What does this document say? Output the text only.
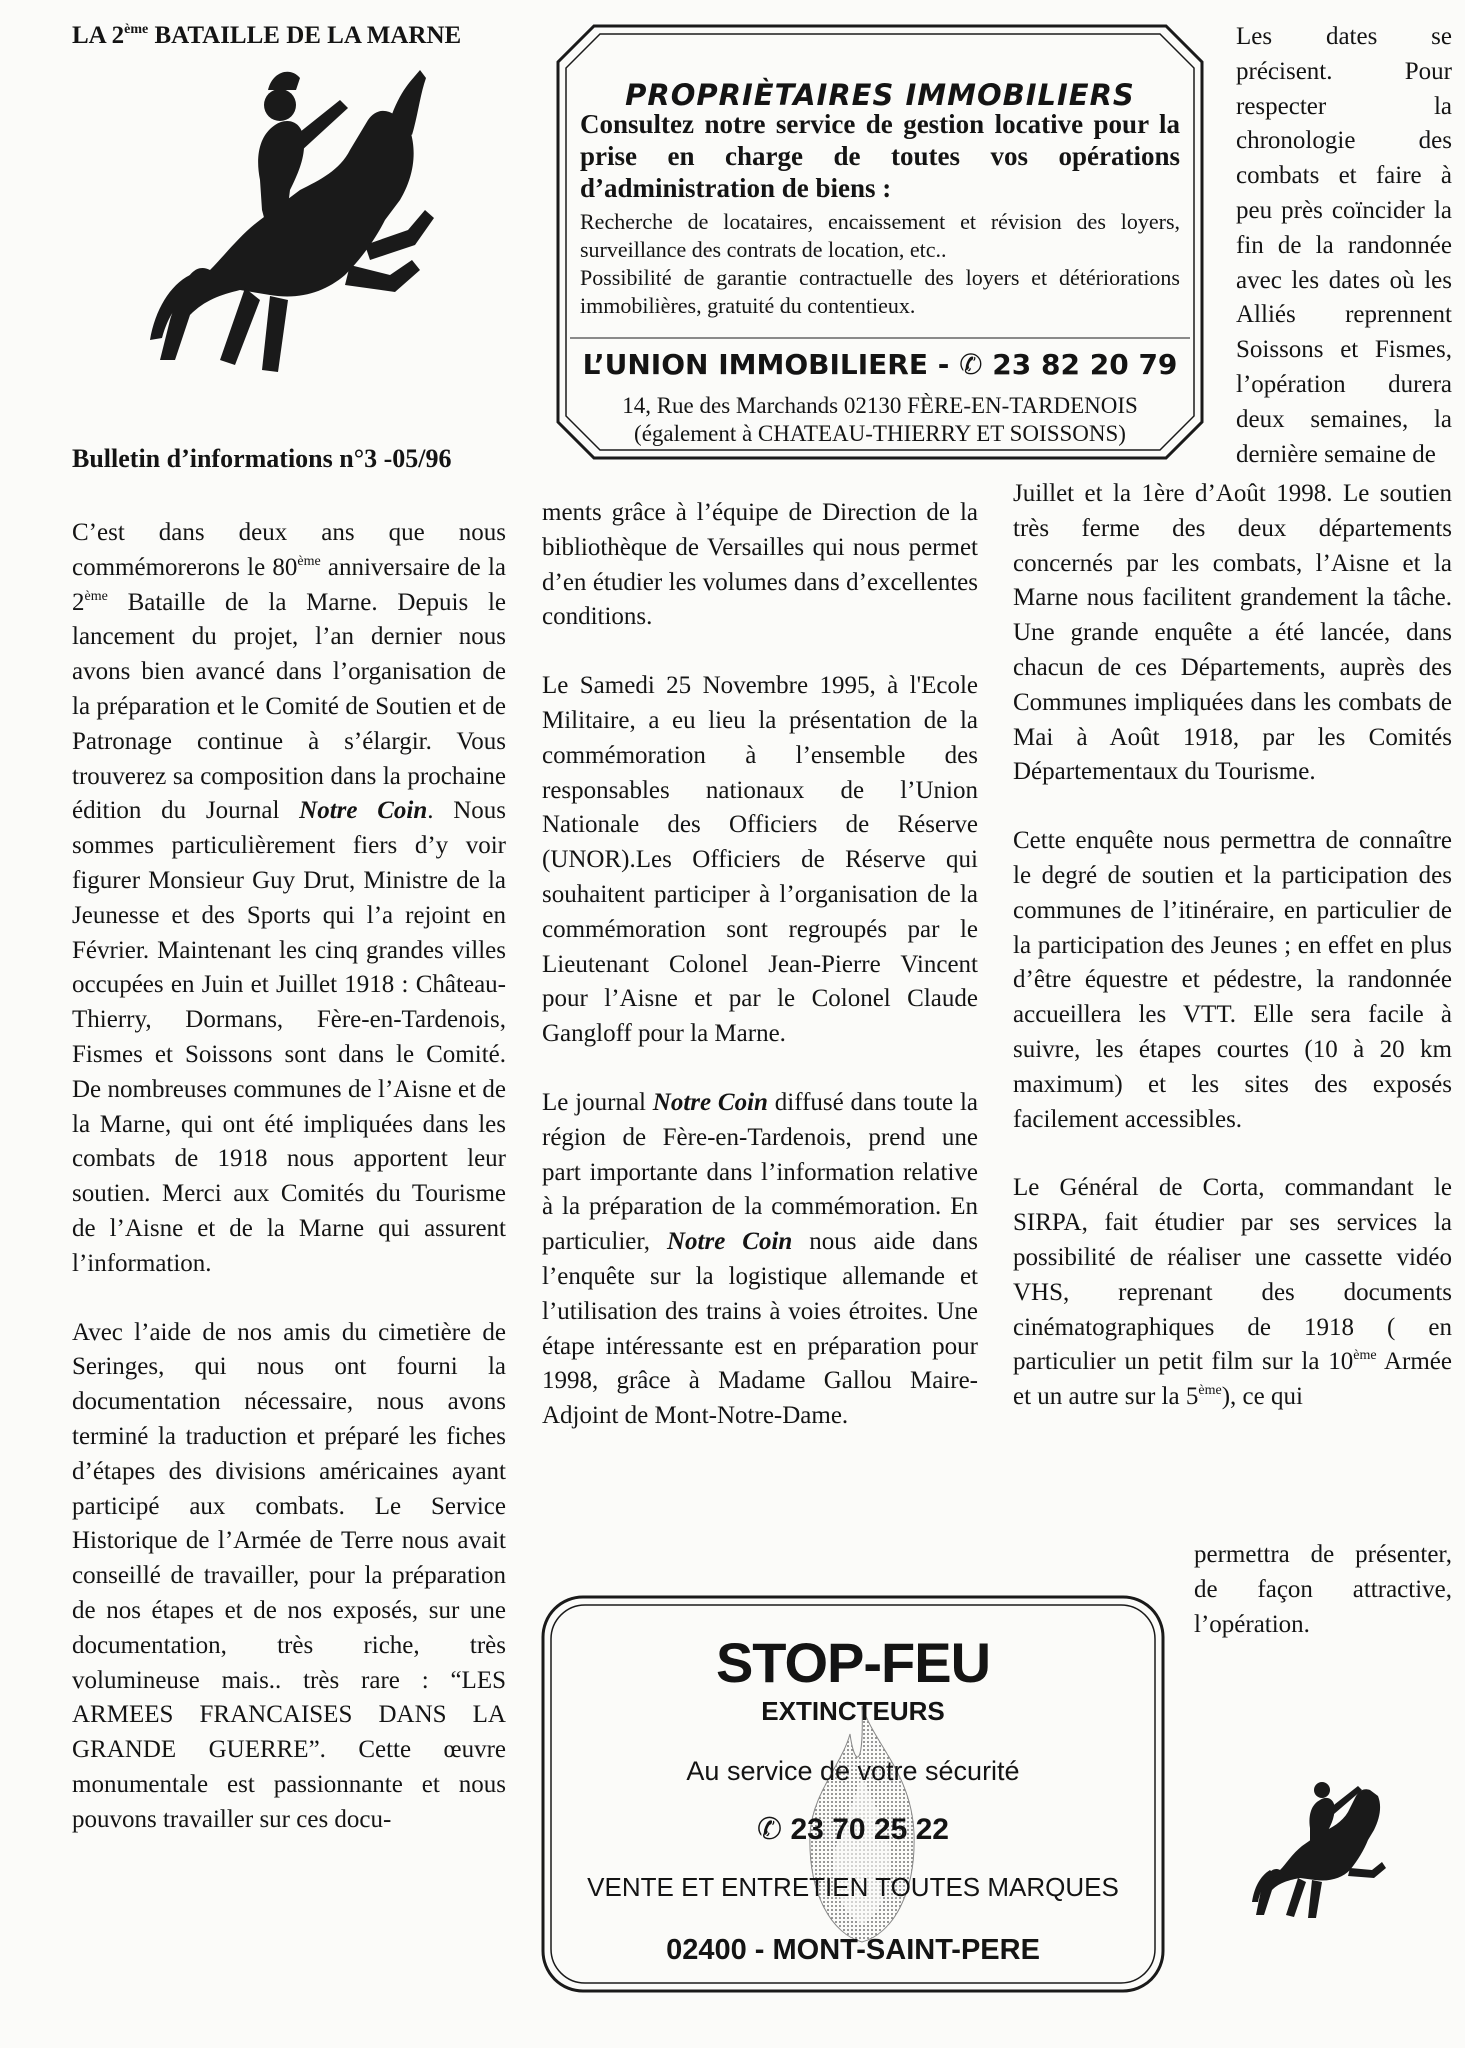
LA 2ème BATAILLE DE LA MARNE
Bulletin d’informations n°3 -05/96

C’est dans deux ans que nous commémorerons le 80ème anniversaire de la 2ème Bataille de la Marne. Depuis le lancement du projet, l’an dernier nous avons bien avancé dans l’organisation de la préparation et le Comité de Soutien et de Patronage continue à s’élargir. Vous trouverez sa composition dans la prochaine édition du Journal Notre Coin. Nous sommes particulièrement fiers d’y voir figurer Monsieur Guy Drut, Ministre de la Jeunesse et des Sports qui l’a rejoint en Février. Maintenant les cinq grandes villes occupées en Juin et Juillet 1918 : Château-Thierry, Dormans, Fère-en-Tardenois, Fismes et Soissons sont dans le Comité. De nombreuses communes de l’Aisne et de la Marne, qui ont été impliquées dans les combats de 1918 nous apportent leur soutien. Merci aux Comités du Tourisme de l’Aisne et de la Marne qui assurent l’information.

Avec l’aide de nos amis du cimetière de Seringes, qui nous ont fourni la documentation nécessaire, nous avons terminé la traduction et préparé les fiches d’étapes des divisions américaines ayant participé aux combats. Le Service Historique de l’Armée de Terre nous avait conseillé de travailler, pour la préparation de nos étapes et de nos exposés, sur une documentation, très riche, très volumineuse mais.. très rare : “LES ARMEES FRANCAISES DANS LA GRANDE GUERRE”. Cette œuvre monumentale est passionnante et nous pouvons travailler sur ces docu-

PROPRIÈTAIRES IMMOBILIERS
Consultez notre service de gestion locative pour la prise en charge de toutes vos opérations d’administration de biens :
Recherche de locataires, encaissement et révision des loyers, surveillance des contrats de location, etc..
Possibilité de garantie contractuelle des loyers et détériorations immobilières, gratuité du contentieux.
L’UNION IMMOBILIERE - ✆ 23 82 20 79
14, Rue des Marchands 02130 FÈRE-EN-TARDENOIS
(également à CHATEAU-THIERRY ET SOISSONS)

Les dates se précisent. Pour respecter la chronologie des combats et faire à peu près coïncider la fin de la randonnée avec les dates où les Alliés reprennent Soissons et Fismes, l’opération durera deux semaines, la dernière semaine de

ments grâce à l’équipe de Direction de la bibliothèque de Versailles qui nous permet d’en étudier les volumes dans d’excellentes conditions.

Le Samedi 25 Novembre 1995, à l'Ecole Militaire, a eu lieu la présentation de la commémoration à l’ensemble des responsables nationaux de l’Union Nationale des Officiers de Réserve (UNOR).Les Officiers de Réserve qui souhaitent participer à l’organisation de la commémoration sont regroupés par le Lieutenant Colonel Jean-Pierre Vincent pour l’Aisne et par le Colonel Claude Gangloff pour la Marne.

Le journal Notre Coin diffusé dans toute la région de Fère-en-Tardenois, prend une part importante dans l’information relative à la préparation de la commémoration. En particulier, Notre Coin nous aide dans l’enquête sur la logistique allemande et l’utilisation des trains à voies étroites. Une étape intéressante est en préparation pour 1998, grâce à Madame Gallou Maire-Adjoint de Mont-Notre-Dame.

Juillet et la 1ère d’Août 1998. Le soutien très ferme des deux départements concernés par les combats, l’Aisne et la Marne nous facilitent grandement la tâche. Une grande enquête a été lancée, dans chacun de ces Départements, auprès des Communes impliquées dans les combats de Mai à Août 1918, par les Comités Départementaux du Tourisme.

Cette enquête nous permettra de connaître le degré de soutien et la participation des communes de l’itinéraire, en particulier de la participation des Jeunes ; en effet en plus d’être équestre et pédestre, la randonnée accueillera les VTT. Elle sera facile à suivre, les étapes courtes (10 à 20 km maximum) et les sites des exposés facilement accessibles.

Le Général de Corta, commandant le SIRPA, fait étudier par ses services la possibilité de réaliser une cassette vidéo VHS, reprenant des documents cinématographiques de 1918 ( en particulier un petit film sur la 10ème Armée et un autre sur la 5ème), ce qui

permettra de présenter, de façon attractive, l’opération.

STOP-FEU
EXTINCTEURS
Au service de votre sécurité
✆ 23 70 25 22
VENTE ET ENTRETIEN TOUTES MARQUES
02400 - MONT-SAINT-PERE
